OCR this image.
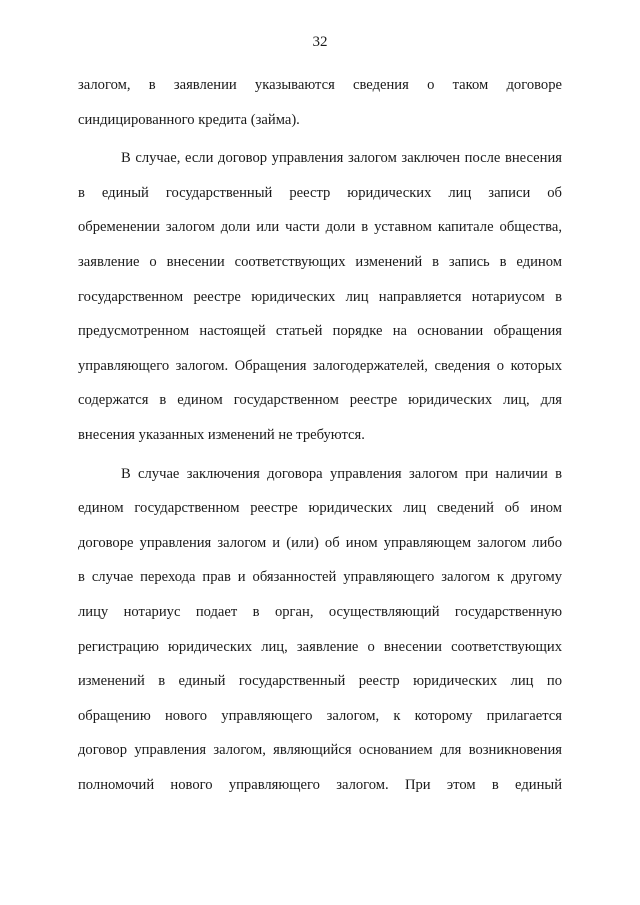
32
залогом, в заявлении указываются сведения о таком договоре
синдицированного кредита (займа).
В случае, если договор управления залогом заключен после внесения
в единый государственный реестр юридических лиц записи об
обременении залогом доли или части доли в уставном капитале общества,
заявление о внесении соответствующих изменений в запись в едином
государственном реестре юридических лиц направляется нотариусом в
предусмотренном настоящей статьей порядке на основании обращения
управляющего залогом. Обращения залогодержателей, сведения о которых
содержатся в едином государственном реестре юридических лиц, для
внесения указанных изменений не требуются.
В случае заключения договора управления залогом при наличии в
едином государственном реестре юридических лиц сведений об ином
договоре управления залогом и (или) об ином управляющем залогом либо
в случае перехода прав и обязанностей управляющего залогом к другому
лицу нотариус подает в орган, осуществляющий государственную
регистрацию юридических лиц, заявление о внесении соответствующих
изменений в единый государственный реестр юридических лиц по
обращению нового управляющего залогом, к которому прилагается
договор управления залогом, являющийся основанием для возникновения
полномочий нового управляющего залогом. При этом в единый
